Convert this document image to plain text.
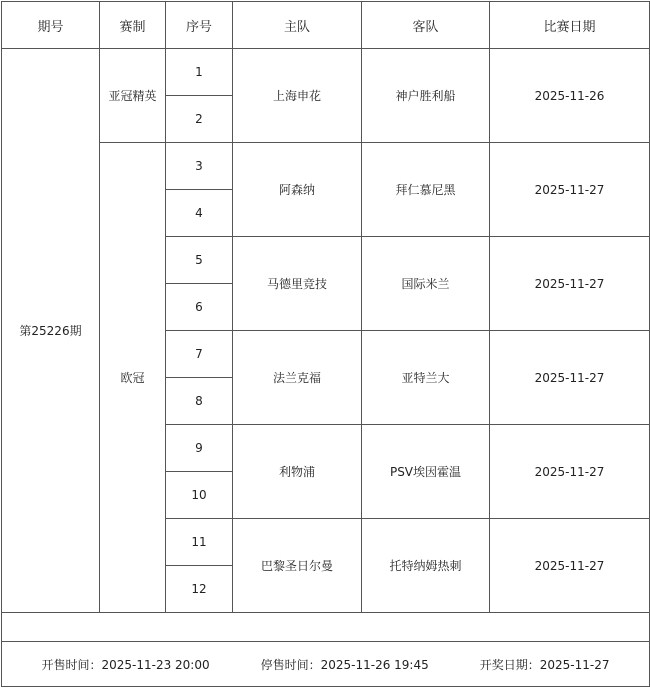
期号	赛制	序号	主队	客队	比赛日期
第25226期	亚冠精英	1	上海申花	神户胜利船	2025-11-26
		2			
	欧冠	3	阿森纳	拜仁慕尼黑	2025-11-27
		4			
		5	马德里竞技	国际米兰	2025-11-27
		6			
		7	法兰克福	亚特兰大	2025-11-27
		8			
		9	利物浦	PSV埃因霍温	2025-11-27
		10			
		11	巴黎圣日尔曼	托特纳姆热刺	2025-11-27
		12			

开售时间：2025-11-23 20:00 停售时间：2025-11-26 19:45 开奖日期：2025-11-27					
